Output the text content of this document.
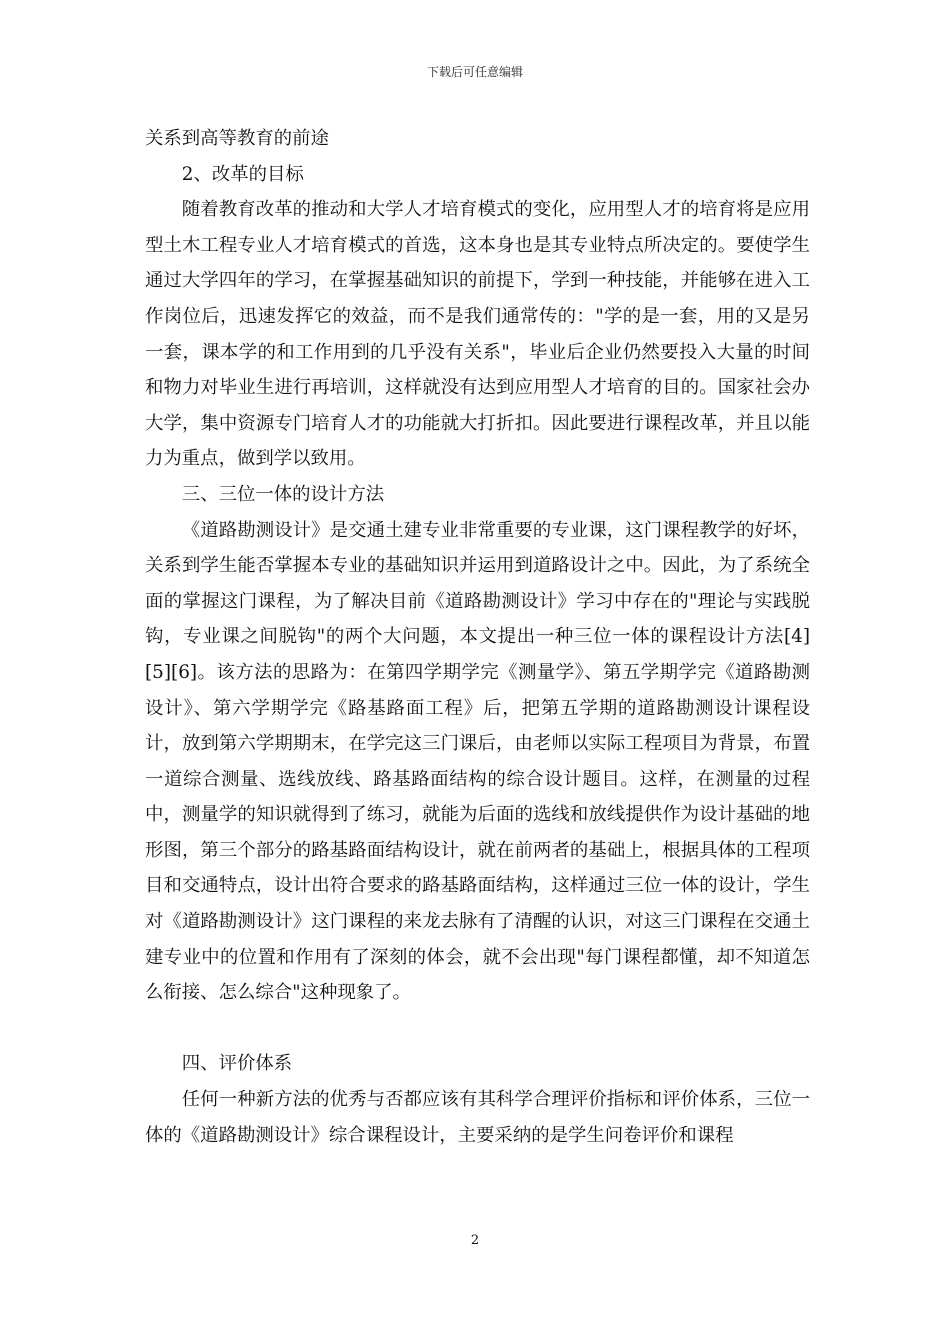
下载后可任意编辑

关系到高等教育的前途

2、改革的目标

随着教育改革的推动和大学人才培育模式的变化，应用型人才的培育将是应用型土木工程专业人才培育模式的首选，这本身也是其专业特点所决定的。要使学生通过大学四年的学习，在掌握基础知识的前提下，学到一种技能，并能够在进入工作岗位后，迅速发挥它的效益，而不是我们通常传的："学的是一套，用的又是另一套，课本学的和工作用到的几乎没有关系"，毕业后企业仍然要投入大量的时间和物力对毕业生进行再培训，这样就没有达到应用型人才培育的目的。国家社会办大学，集中资源专门培育人才的功能就大打折扣。因此要进行课程改革，并且以能力为重点，做到学以致用。

三、三位一体的设计方法

《道路勘测设计》是交通土建专业非常重要的专业课，这门课程教学的好坏，关系到学生能否掌握本专业的基础知识并运用到道路设计之中。因此，为了系统全面的掌握这门课程，为了解决目前《道路勘测设计》学习中存在的"理论与实践脱钩，专业课之间脱钩"的两个大问题，本文提出一种三位一体的课程设计方法[4][5][6]。该方法的思路为：在第四学期学完《测量学》、第五学期学完《道路勘测设计》、第六学期学完《路基路面工程》后，把第五学期的道路勘测设计课程设计，放到第六学期期末，在学完这三门课后，由老师以实际工程项目为背景，布置一道综合测量、选线放线、路基路面结构的综合设计题目。这样，在测量的过程中，测量学的知识就得到了练习，就能为后面的选线和放线提供作为设计基础的地形图，第三个部分的路基路面结构设计，就在前两者的基础上，根据具体的工程项目和交通特点，设计出符合要求的路基路面结构，这样通过三位一体的设计，学生对《道路勘测设计》这门课程的来龙去脉有了清醒的认识，对这三门课程在交通土建专业中的位置和作用有了深刻的体会，就不会出现"每门课程都懂，却不知道怎么衔接、怎么综合"这种现象了。

四、评价体系

任何一种新方法的优秀与否都应该有其科学合理评价指标和评价体系，三位一体的《道路勘测设计》综合课程设计，主要采纳的是学生问卷评价和课程

2
